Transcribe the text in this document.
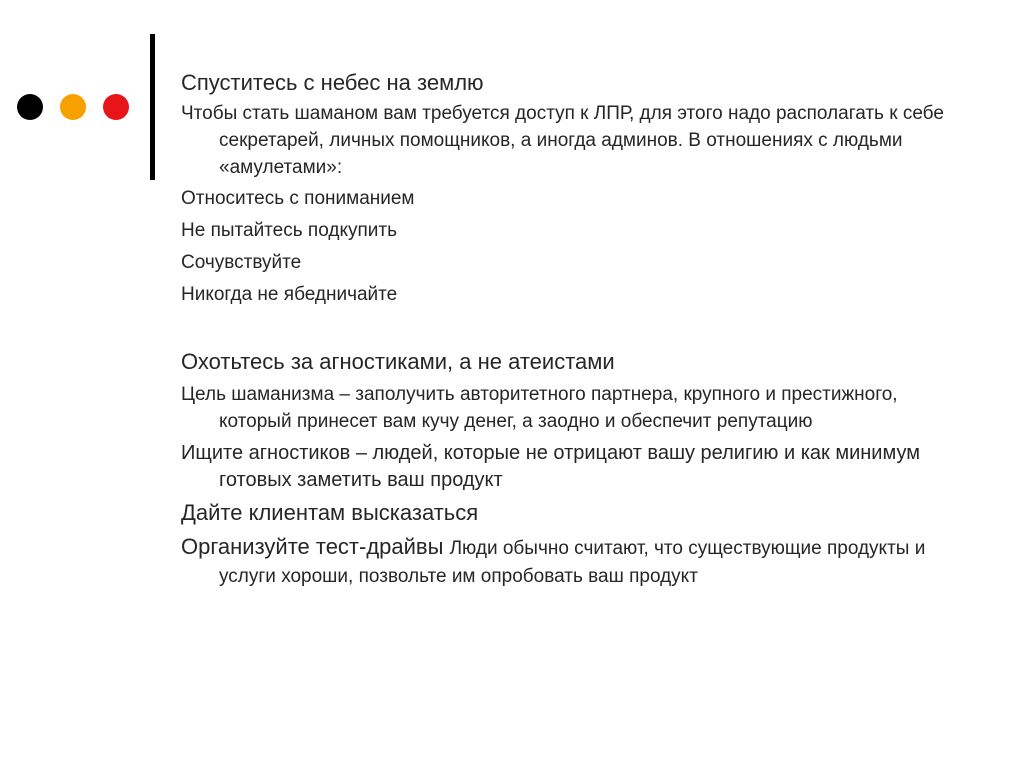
Спуститесь с небес на землю

Чтобы стать шаманом вам требуется доступ к ЛПР, для этого надо располагать к себе секретарей, личных помощников, а иногда админов. В отношениях с людьми «амулетами»:

Относитесь с пониманием

Не пытайтесь подкупить

Сочувствуйте

Никогда не ябедничайте

Охотьтесь за агностиками, а не атеистами

Цель шаманизма – заполучить авторитетного партнера, крупного и престижного, который принесет вам кучу денег, а заодно и обеспечит репутацию

Ищите агностиков – людей, которые не отрицают вашу религию и как минимум готовых заметить ваш продукт

Дайте клиентам высказаться

Организуйте тест-драйвы Люди обычно считают, что существующие продукты и услуги хороши, позвольте им опробовать ваш продукт
